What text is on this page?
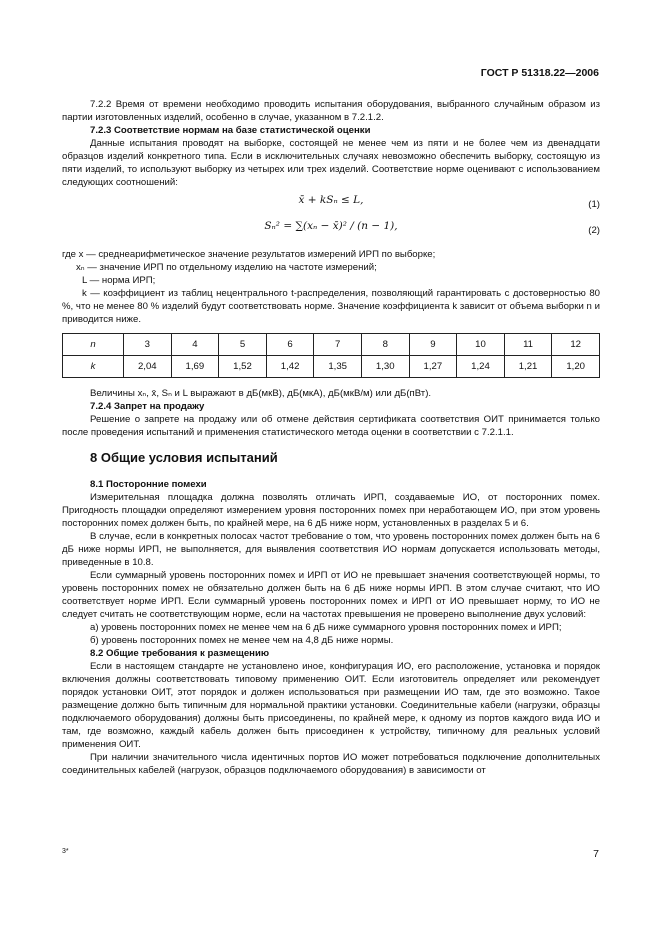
ГОСТ Р 51318.22—2006

7.2.2 Время от времени необходимо проводить испытания оборудования, выбранного случайным образом из партии изготовленных изделий, особенно в случае, указанном в 7.2.1.2.

7.2.3 Соответствие нормам на базе статистической оценки

Данные испытания проводят на выборке, состоящей не менее чем из пяти и не более чем из двенадцати образцов изделий конкретного типа. Если в исключительных случаях невозможно обеспечить выборку, состоящую из пяти изделий, то используют выборку из четырех или трех изделий. Соответствие норме оценивают с использованием следующих соотношений:

x̄ + kSₙ ≤ L,	(1)
Sₙ² = ∑(xₙ − x̄)² / (n − 1),	(2)

где x — среднеарифметическое значение результатов измерений ИРП по выборке;

xₙ — значение ИРП по отдельному изделию на частоте измерений;

L — норма ИРП;

k — коэффициент из таблиц нецентрального t-распределения, позволяющий гарантировать с достоверностью 80 %, что не менее 80 % изделий будут соответствовать норме. Значение коэффициента k зависит от объема выборки n и приводится ниже.

n	3	4	5	6	7	8	9	10	11	12
k	2,04	1,69	1,52	1,42	1,35	1,30	1,27	1,24	1,21	1,20

Величины xₙ, x̄, Sₙ и L выражают в дБ(мкВ), дБ(мкА), дБ(мкВ/м) или дБ(пВт).

7.2.4 Запрет на продажу

Решение о запрете на продажу или об отмене действия сертификата соответствия ОИТ принимается только после проведения испытаний и применения статистического метода оценки в соответствии с 7.2.1.1.

8 Общие условия испытаний
8.1 Посторонние помехи

Измерительная площадка должна позволять отличать ИРП, создаваемые ИО, от посторонних помех. Пригодность площадки определяют измерением уровня посторонних помех при неработающем ИО, при этом уровень посторонних помех должен быть, по крайней мере, на 6 дБ ниже норм, установленных в разделах 5 и 6.

В случае, если в конкретных полосах частот требование о том, что уровень посторонних помех должен быть на 6 дБ ниже нормы ИРП, не выполняется, для выявления соответствия ИО нормам допускается использовать методы, приведенные в 10.8.

Если суммарный уровень посторонних помех и ИРП от ИО не превышает значения соответствующей нормы, то уровень посторонних помех не обязательно должен быть на 6 дБ ниже нормы ИРП. В этом случае считают, что ИО соответствует норме ИРП. Если суммарный уровень посторонних помех и ИРП от ИО превышает норму, то ИО не следует считать не соответствующим норме, если на частотах превышения не проверено выполнение двух условий:

а) уровень посторонних помех не менее чем на 6 дБ ниже суммарного уровня посторонних помех и ИРП;

б) уровень посторонних помех не менее чем на 4,8 дБ ниже нормы.

8.2 Общие требования к размещению

Если в настоящем стандарте не установлено иное, конфигурация ИО, его расположение, установка и порядок включения должны соответствовать типовому применению ОИТ. Если изготовитель определяет или рекомендует порядок установки ОИТ, этот порядок и должен использоваться при размещении ИО там, где это возможно. Такое размещение должно быть типичным для нормальной практики установки. Соединительные кабели (нагрузки, образцы подключаемого оборудования) должны быть присоединены, по крайней мере, к одному из портов каждого вида ИО и там, где возможно, каждый кабель должен быть присоединен к устройству, типичному для реальных условий применения ОИТ.

При наличии значительного числа идентичных портов ИО может потребоваться подключение дополнительных соединительных кабелей (нагрузок, образцов подключаемого оборудования) в зависимости от

3*	7
